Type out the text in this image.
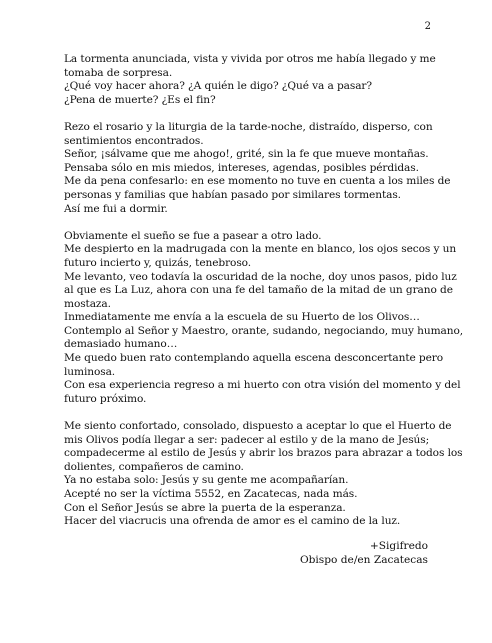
2

La tormenta anunciada, vista y vivida por otros me había llegado y me
tomaba de sorpresa.
¿Qué voy hacer ahora? ¿A quién le digo? ¿Qué va a pasar?
¿Pena de muerte? ¿Es el fin?

Rezo el rosario y la liturgia de la tarde-noche, distraído, disperso, con
sentimientos encontrados.
Señor, ¡sálvame que me ahogo!, grité, sin la fe que mueve montañas.
Pensaba sólo en mis miedos, intereses, agendas, posibles pérdidas.
Me da pena confesarlo: en ese momento no tuve en cuenta a los miles de
personas y familias que habían pasado por similares tormentas.
Así me fui a dormir.

Obviamente el sueño se fue a pasear a otro lado.
Me despierto en la madrugada con la mente en blanco, los ojos secos y un
futuro incierto y, quizás, tenebroso.
Me levanto, veo todavía la oscuridad de la noche, doy unos pasos, pido luz
al que es La Luz, ahora con una fe del tamaño de la mitad de un grano de
mostaza.
Inmediatamente me envía a la escuela de su Huerto de los Olivos…
Contemplo al Señor y Maestro, orante, sudando, negociando, muy humano,
demasiado humano…
Me quedo buen rato contemplando aquella escena desconcertante pero
luminosa.
Con esa experiencia regreso a mi huerto con otra visión del momento y del
futuro próximo.

Me siento confortado, consolado, dispuesto a aceptar lo que el Huerto de
mis Olivos podía llegar a ser: padecer al estilo y de la mano de Jesús;
compadecerme al estilo de Jesús y abrir los brazos para abrazar a todos los
dolientes, compañeros de camino.
Ya no estaba solo: Jesús y su gente me acompañarían.
Acepté no ser la víctima 5552, en Zacatecas, nada más.
Con el Señor Jesús se abre la puerta de la esperanza.
Hacer del viacrucis una ofrenda de amor es el camino de la luz.

+Sigifredo
Obispo de/en Zacatecas
